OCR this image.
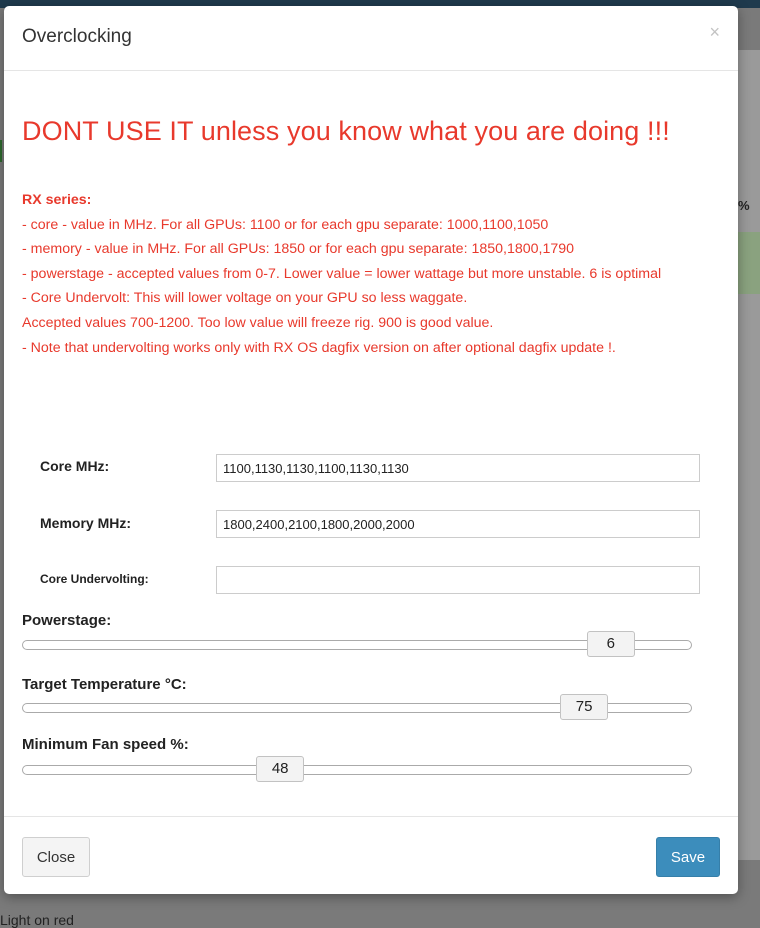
%
Light on red
Overclocking	×
DONT USE IT unless you know what you are doing !!!
RX series:
- core - value in MHz. For all GPUs: 1100 or for each gpu separate: 1000,1100,1050
- memory - value in MHz. For all GPUs: 1850 or for each gpu separate: 1850,1800,1790
- powerstage - accepted values from 0-7. Lower value = lower wattage but more unstable. 6 is optimal
- Core Undervolt: This will lower voltage on your GPU so less waggate.
Accepted values 700-1200. Too low value will freeze rig. 900 is good value.
- Note that undervolting works only with RX OS dagfix version on after optional dagfix update !.
Core MHz:
1100,1130,1130,1100,1130,1130
Memory MHz:
1800,2400,2100,1800,2000,2000
Core Undervolting:
Powerstage:
6
Target Temperature °C:
75
Minimum Fan speed %:
48
Close	Save
